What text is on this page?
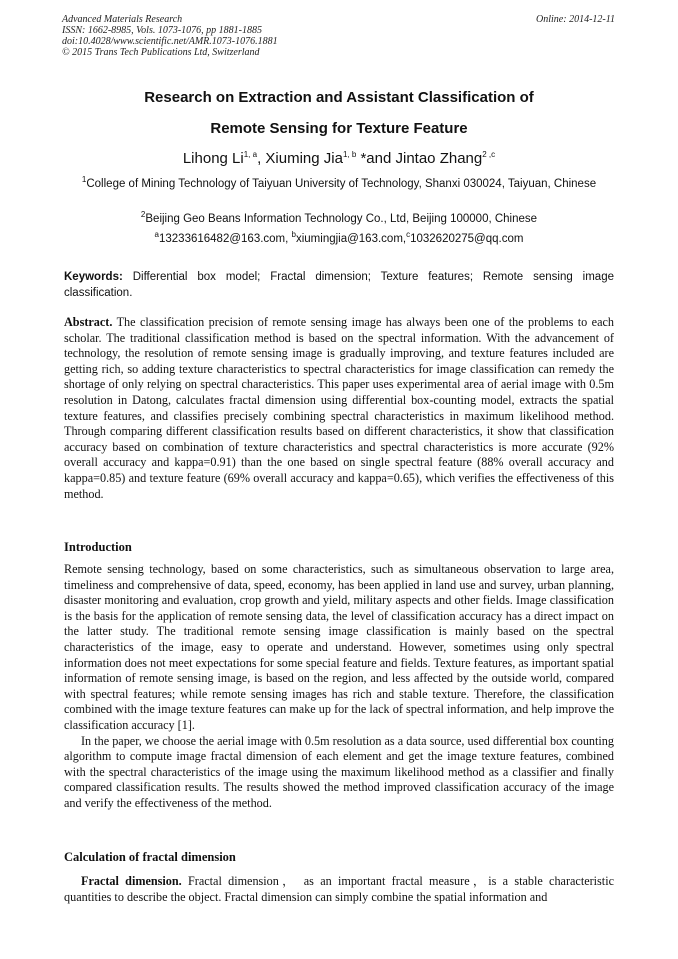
Advanced Materials Research
ISSN: 1662-8985, Vols. 1073-1076, pp 1881-1885
doi:10.4028/www.scientific.net/AMR.1073-1076.1881
© 2015 Trans Tech Publications Ltd, Switzerland
Online: 2014-12-11
Research on Extraction and Assistant Classification of
Remote Sensing for Texture Feature
Lihong Li$^{1, a}$, Xiuming Jia$^{1, b}$ *and Jintao Zhang$^{2 ,c}$
$^1$College of Mining Technology of Taiyuan University of Technology, Shanxi 030024, Taiyuan, Chinese
$^2$Beijing Geo Beans Information Technology Co., Ltd, Beijing 100000, Chinese
$^a$13233616482@163.com, $^b$xiumingjia@163.com,$^c$1032620275@qq.com
Keywords: Differential box model; Fractal dimension; Texture features; Remote sensing image classification.

Abstract. The classification precision of remote sensing image has always been one of the problems to each scholar. The traditional classification method is based on the spectral information. With the advancement of technology, the resolution of remote sensing image is gradually improving, and texture features included are getting rich, so adding texture characteristics to spectral characteristics for image classification can remedy the shortage of only relying on spectral characteristics. This paper uses experimental area of aerial image with 0.5m resolution in Datong, calculates fractal dimension using differential box-counting model, extracts the spatial texture features, and classifies precisely combining spectral characteristics in maximum likelihood method. Through comparing different classification results based on different characteristics, it show that classification accuracy based on combination of texture characteristics and spectral characteristics is more accurate (92% overall accuracy and kappa=0.91) than the one based on single spectral feature (88% overall accuracy and kappa=0.85) and texture feature (69% overall accuracy and kappa=0.65), which verifies the effectiveness of this method.

Introduction

Remote sensing technology, based on some characteristics, such as simultaneous observation to large area, timeliness and comprehensive of data, speed, economy, has been applied in land use and survey, urban planning, disaster monitoring and evaluation, crop growth and yield, military aspects and other fields. Image classification is the basis for the application of remote sensing data, the level of classification accuracy has a direct impact on the latter study. The traditional remote sensing image classification is mainly based on the spectral characteristics of the image, easy to operate and understand. However, sometimes using only spectral information does not meet expectations for some special feature and fields. Texture features, as important spatial information of remote sensing image, is based on the region, and less affected by the outside world, compared with spectral features; while remote sensing images has rich and stable texture. Therefore, the classification combined with the image texture features can make up for the lack of spectral information, and help improve the classification accuracy [1].

In the paper, we choose the aerial image with 0.5m resolution as a data source, used differential box counting algorithm to compute image fractal dimension of each element and get the image texture features, combined with the spectral characteristics of the image using the maximum likelihood method as a classifier and finally compared classification results. The results showed the method improved classification accuracy of the image and verify the effectiveness of the method.

Calculation of fractal dimension

Fractal dimension. Fractal dimension， as an important fractal measure，is a stable characteristic quantities to describe the object. Fractal dimension can simply combine the spatial information and
